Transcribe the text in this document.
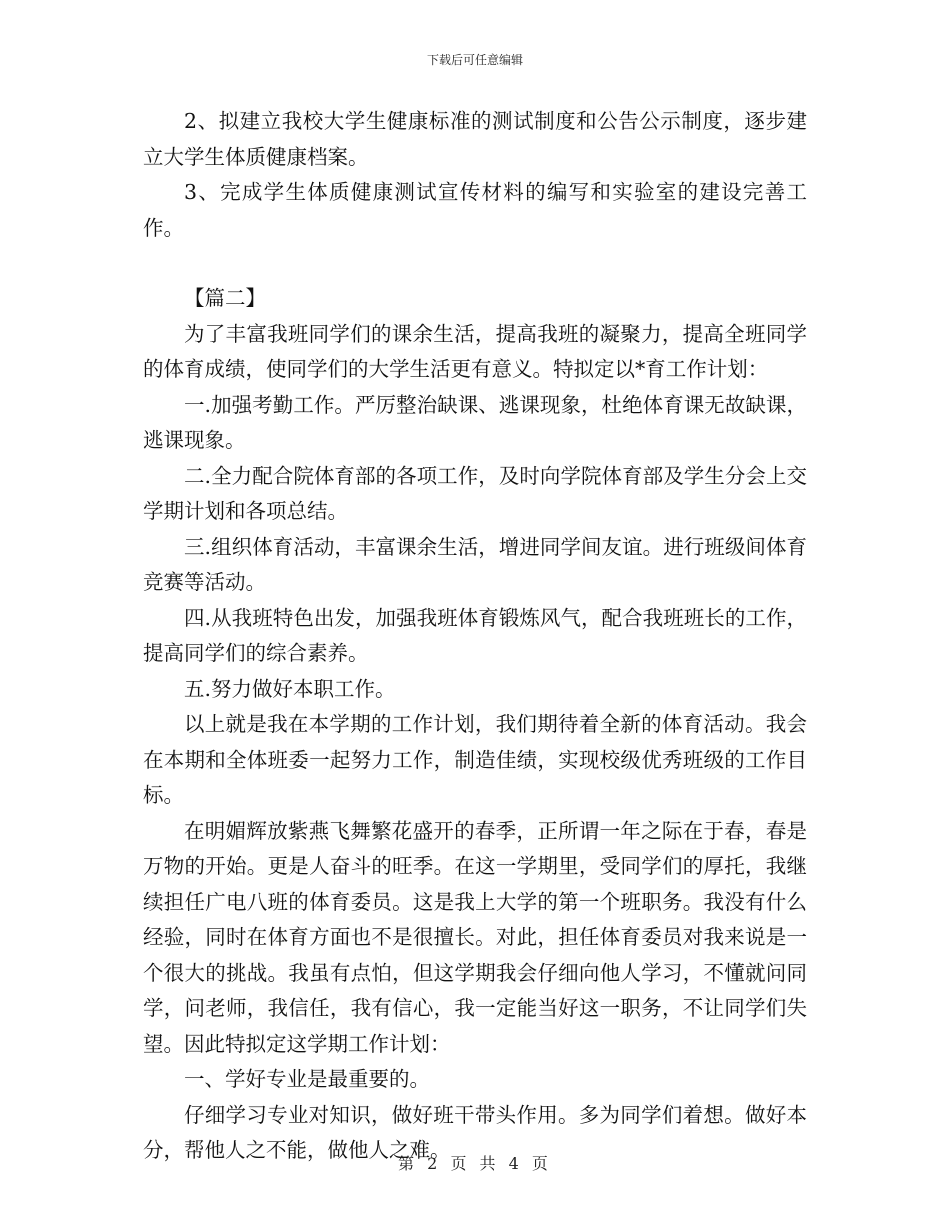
下载后可任意编辑

2、拟建立我校大学生健康标准的测试制度和公告公示制度，逐步建立大学生体质健康档案。

3、完成学生体质健康测试宣传材料的编写和实验室的建设完善工作。

【篇二】

为了丰富我班同学们的课余生活，提高我班的凝聚力，提高全班同学的体育成绩，使同学们的大学生活更有意义。特拟定以*育工作计划：

一.加强考勤工作。严厉整治缺课、逃课现象，杜绝体育课无故缺课，逃课现象。

二.全力配合院体育部的各项工作，及时向学院体育部及学生分会上交学期计划和各项总结。

三.组织体育活动，丰富课余生活，增进同学间友谊。进行班级间体育竞赛等活动。

四.从我班特色出发，加强我班体育锻炼风气，配合我班班长的工作，提高同学们的综合素养。

五.努力做好本职工作。

以上就是我在本学期的工作计划，我们期待着全新的体育活动。我会在本期和全体班委一起努力工作，制造佳绩，实现校级优秀班级的工作目标。

在明媚辉放紫燕飞舞繁花盛开的春季，正所谓一年之际在于春，春是万物的开始。更是人奋斗的旺季。在这一学期里，受同学们的厚托，我继续担任广电八班的体育委员。这是我上大学的第一个班职务。我没有什么经验，同时在体育方面也不是很擅长。对此，担任体育委员对我来说是一个很大的挑战。我虽有点怕，但这学期我会仔细向他人学习，不懂就问同学，问老师，我信任，我有信心，我一定能当好这一职务，不让同学们失望。因此特拟定这学期工作计划：

一、学好专业是最重要的。

仔细学习专业对知识，做好班干带头作用。多为同学们着想。做好本分，帮他人之不能，做他人之难。

第 2 页 共 4 页
